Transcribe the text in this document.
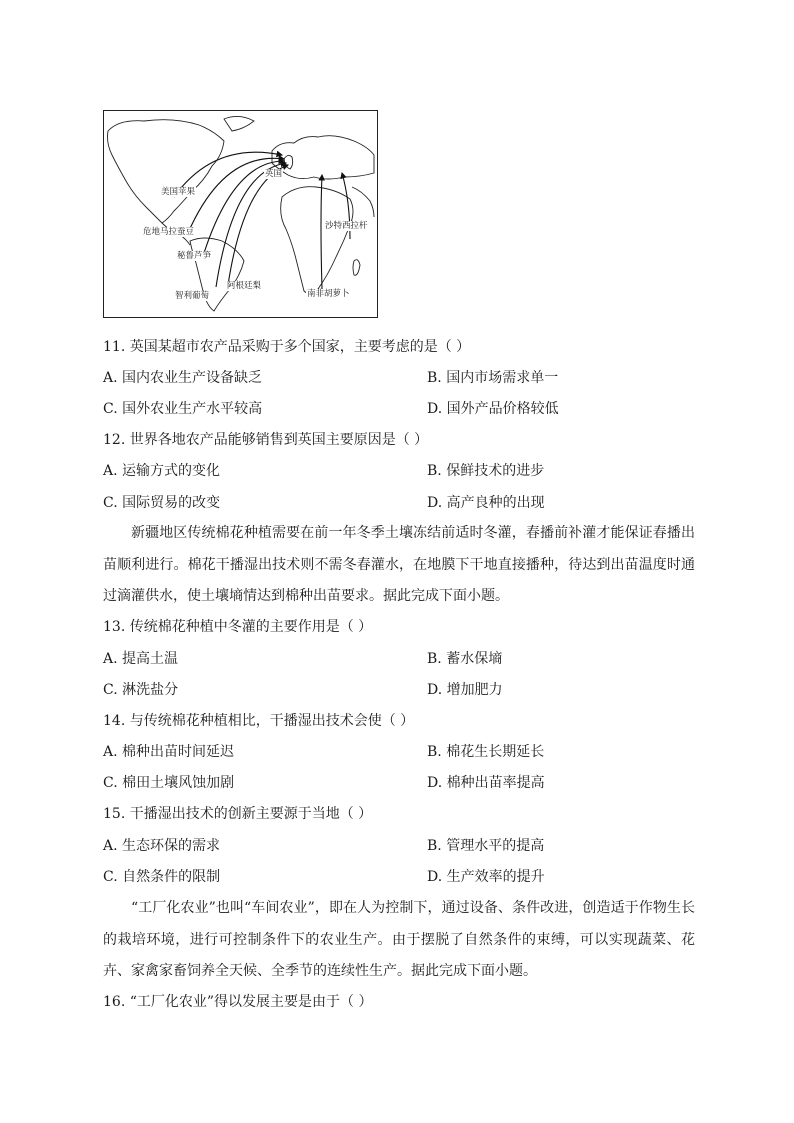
美国苹果
危地马拉蚕豆
秘鲁芦笋
智利葡萄
阿根廷梨
英国
南非胡萝卜
沙特西拉杆
11. 英国某超市农产品采购于多个国家，主要考虑的是（ ）
A. 国内农业生产设备缺乏	B. 国内市场需求单一
C. 国外农业生产水平较高	D. 国外产品价格较低
12. 世界各地农产品能够销售到英国主要原因是（ ）
A. 运输方式的变化	B. 保鲜技术的进步
C. 国际贸易的改变	D. 高产良种的出现
新疆地区传统棉花种植需要在前一年冬季土壤冻结前适时冬灌，春播前补灌才能保证春播出苗顺利进行。棉花干播湿出技术则不需冬春灌水，在地膜下干地直接播种，待达到出苗温度时通过滴灌供水，使土壤墒情达到棉种出苗要求。据此完成下面小题。
13. 传统棉花种植中冬灌的主要作用是（ ）
A. 提高土温	B. 蓄水保墒
C. 淋洗盐分	D. 增加肥力
14. 与传统棉花种植相比，干播湿出技术会使（ ）
A. 棉种出苗时间延迟	B. 棉花生长期延长
C. 棉田土壤风蚀加剧	D. 棉种出苗率提高
15. 干播湿出技术的创新主要源于当地（ ）
A. 生态环保的需求	B. 管理水平的提高
C. 自然条件的限制	D. 生产效率的提升
“工厂化农业”也叫“车间农业”，即在人为控制下，通过设备、条件改进，创造适于作物生长的栽培环境，进行可控制条件下的农业生产。由于摆脱了自然条件的束缚，可以实现蔬菜、花卉、家禽家畜饲养全天候、全季节的连续性生产。据此完成下面小题。
16. “工厂化农业”得以发展主要是由于（ ）
